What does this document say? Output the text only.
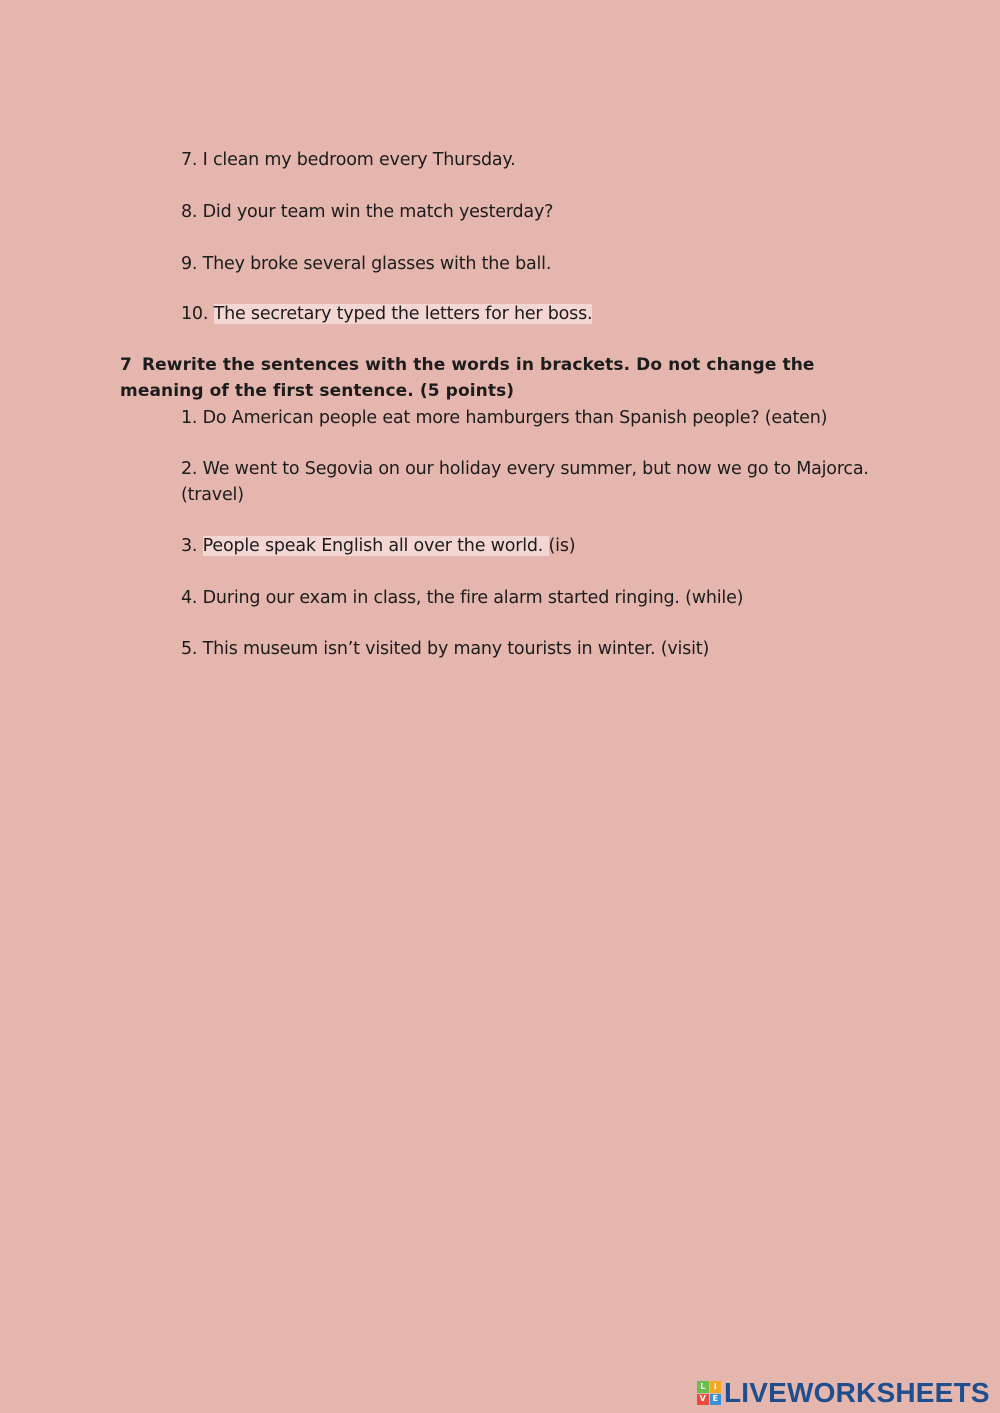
7. I clean my bedroom every Thursday.
8. Did your team win the match yesterday?
9. They broke several glasses with the ball.
10. The secretary typed the letters for her boss.
7 Rewrite the sentences with the words in brackets. Do not change the meaning of the first sentence. (5 points)
1. Do American people eat more hamburgers than Spanish people? (eaten)
2. We went to Segovia on our holiday every summer, but now we go to Majorca.
(travel)
3. People speak English all over the world. (is)
4. During our exam in class, the fire alarm started ringing. (while)
5. This museum isn’t visited by many tourists in winter. (visit)
L	I
V E LIVEWORKSHEETS
